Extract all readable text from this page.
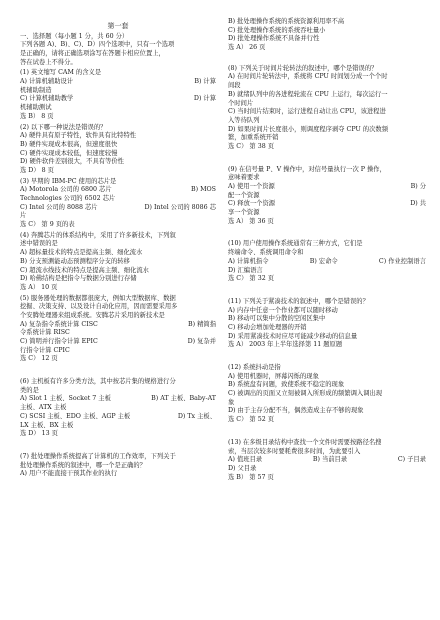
第一套
一、选择题（每小题 1 分，共 60 分）
下列各题 A)、B)、C)、D）四个选项中，只有一个选项
是正确的，请将正确选项涂写在答题卡相应位置上，
答在试卷上不得分。
(1) 英文缩写 CAM 的含义是
A) 计算机辅助设计	B) 计算
机辅助制造
C) 计算机辅助教学	D) 计算
机辅助测试
选 B） 8 页
(2) 以下哪一种说法是错误的？
A) 硬件具有原子特性，软件具有比特特性
B) 硬件实现成本很高，但速度很快
C) 硬件实现成本较低，但速度较慢
D) 硬件软件差别很大，不具有等价性
选 D） 8 页
(3) 早期的 IBM-PC 使用的芯片是
A) Motorola 公司的 6800 芯片	B) MOS
Technologies 公司的 6502 芯片
C) Intel 公司的 8088 芯片	D) Intel 公司的 8086 芯
片
选 C） 第 9 页的表
(4) 奔腾芯片的体系结构中，采用了许多新技术，下列叙
述中错误的是
A) 超标量技术的特点是提高主频、细化流水
B) 分支预测能动态预测程序分支的转移
C) 超流水线技术的特点是提高主频、细化流水
D) 哈佛结构是把指令与数据分别进行存储
选 A） 10 页
(5) 服务器处理的数据都很庞大，例如大型数据库、数据
挖掘、决策支持、以及设计自动化应用，因而需要采用多
个安腾处理器来组成系统。安腾芯片采用的新技术是
A) 复杂指令系统计算 CISC	B) 精简指
令系统计算 RISC
C) 简明并行指令计算 EPIC	D) 复杂并
行指令计算 CPIC
选 C） 12 页
(6) 主机板有许多分类方法，其中按芯片集的规格进行分
类的是
A) Slot 1 主板、Socket 7 主板	B) AT 主板、Baby-AT
主板、ATX 主板
C) SCSI 主板、EDO 主板、AGP 主板	D) Tx 主板、
LX 主板、BX 主板
选 D） 13 页
(7) 批处理操作系统提高了计算机的工作效率，下列关于
批处理操作系统的叙述中，哪一个是正确的？
A) 用户不能直接干预其作业的执行
B) 批处理操作系统的系统资源利用率不高
C) 批处理操作系统的系统吞吐量小
D) 批处理操作系统不具备并行性
选 A） 26 页
(8) 下列关于时间片轮转法的叙述中，哪个是错误的？
A) 在时间片轮转法中，系统将 CPU 时间划分成一个个时
间段
B) 就绪队列中的各进程轮流在 CPU 上运行，每次运行一
个时间片
C) 当时间片结束时，运行进程自动让出 CPU，该进程进
入等待队列
D) 如果时间片长度很小，则调度程序剥夺 CPU 的次数频
繁，加重系统开销
选 C） 第 38 页
(9) 在信号量 P、V 操作中，对信号量执行一次 P 操作，
意味着要求
A) 使用一个资源	B) 分
配一个资源
C) 释放一个资源	D) 共
享一个资源
选 A） 第 36 页
(10) 用户使用操作系统通常有三种方式，它们是
终端命令、系统调用命令和
A) 计算机指令	B) 宏命令	C) 作业控制语言
D) 汇编语言
选 C） 第 32 页
(11) 下列关于紧凑技术的叙述中，哪个是错误的？
A) 内存中任意一个作业都可以随时移动
B) 移动可以集中分散的空闲区集中
C) 移动会增加处理器的开销
D) 采用紧凑技术时应尽可能减少移动的信息量
选 A） 2003 年上半年选择第 11 题原题
(12) 系统抖动是指
A) 使用机器时，屏幕闪烁的现象
B) 系统盘有问题，致使系统不稳定的现象
C) 被调出的页面又立刻被调入所形成的频繁调入调出现
象
D) 由于主存分配不当，偶然造成主存不够的现象
选 C） 第 52 页
(13) 在多级目录结构中查找一个文件时需要按路径名搜
索，当层次较多时要耗费很多时间，为此要引入
A) 值班目录	B) 当前目录	C) 子目录
D) 父目录
选 B） 第 57 页
